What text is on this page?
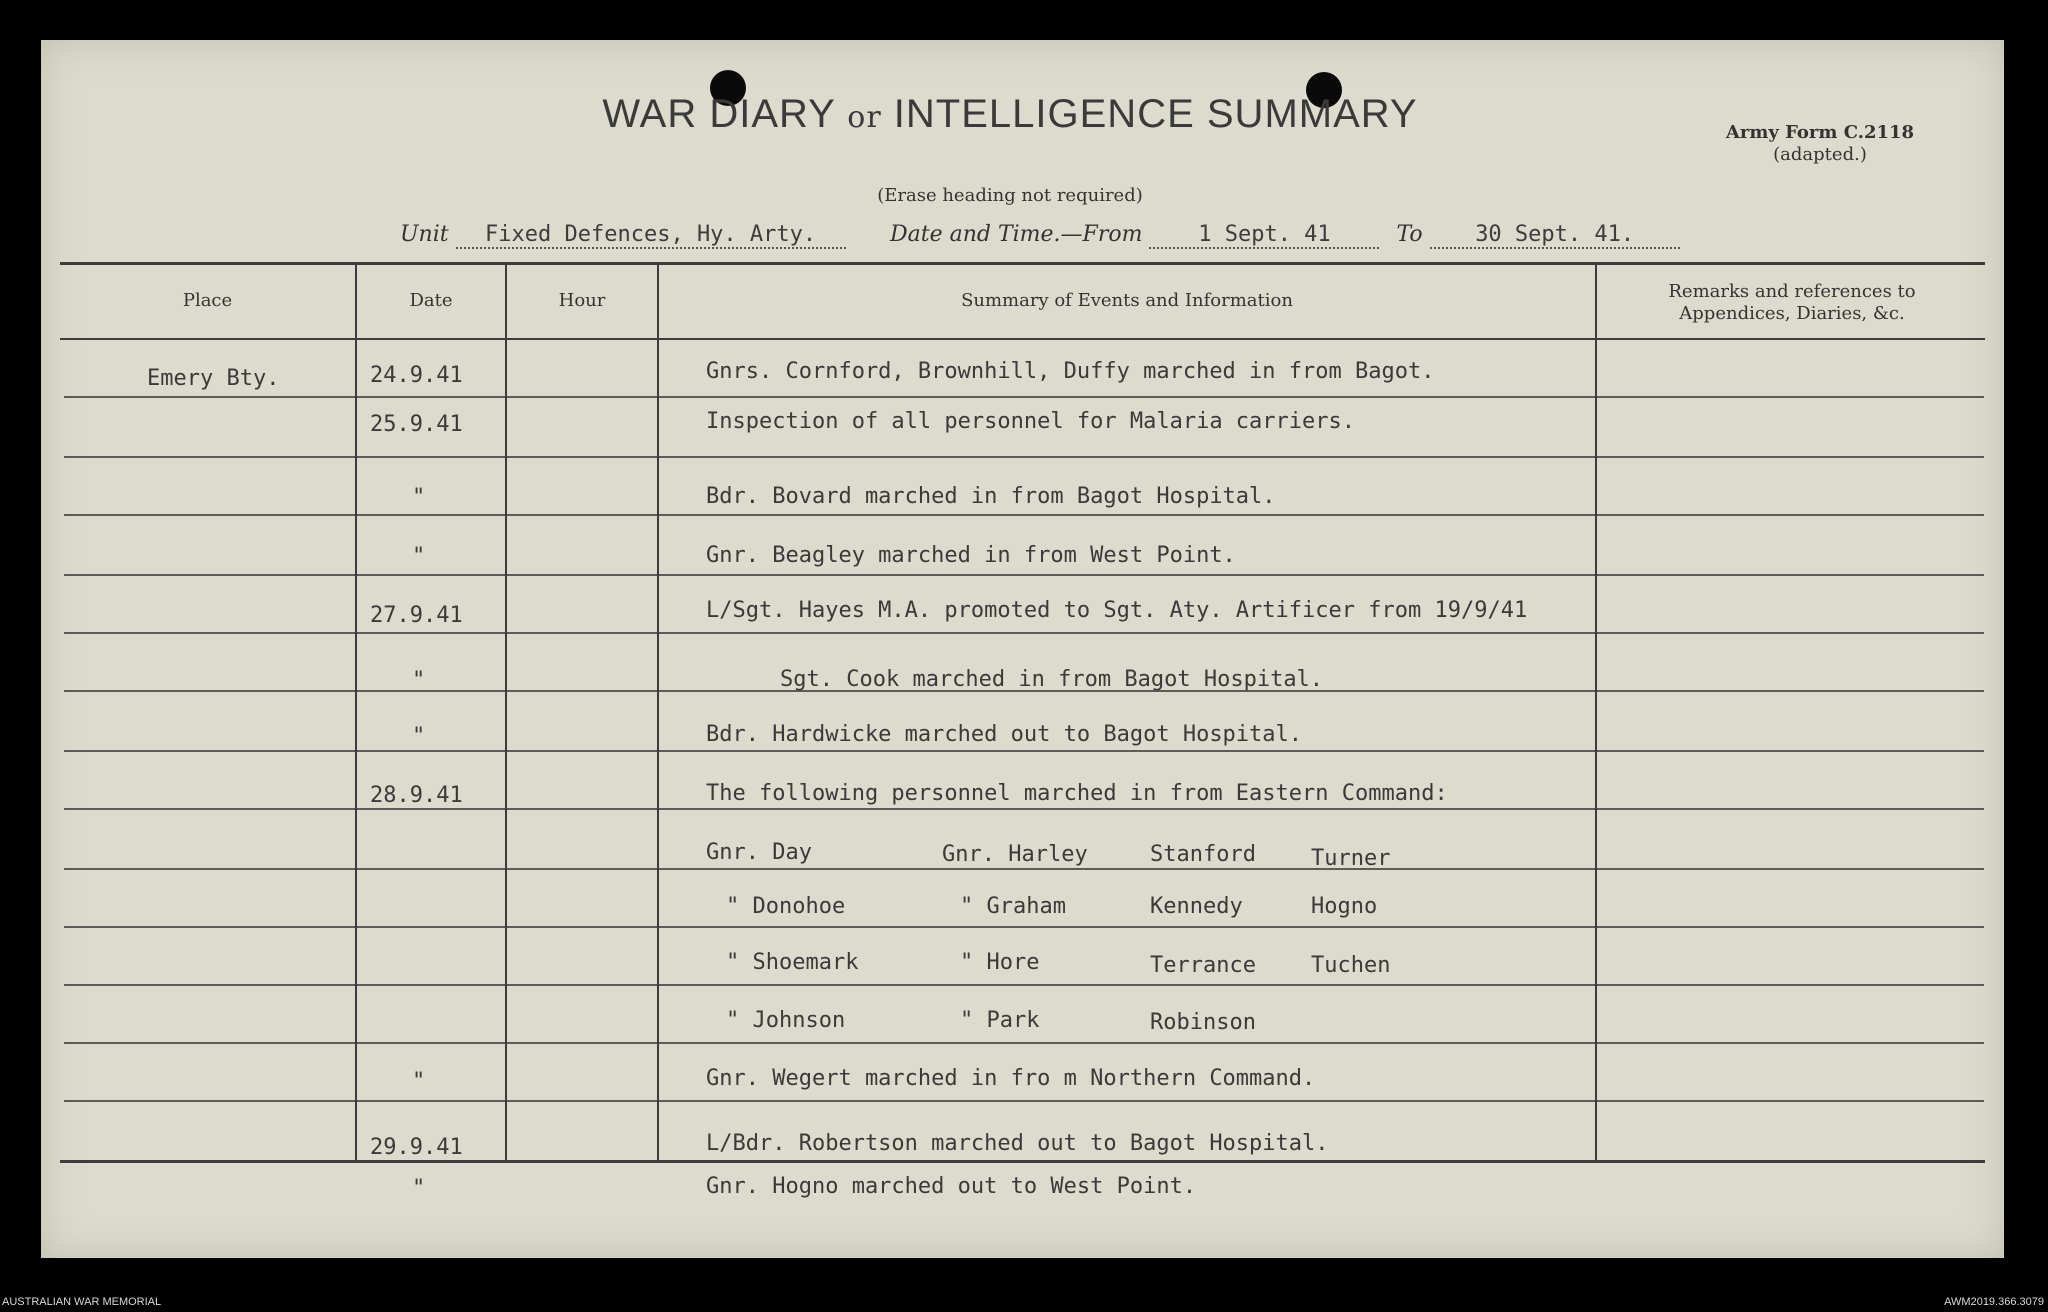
WAR DIARY or INTELLIGENCE SUMMARY
(Erase heading not required)
Army Form C.2118
(adapted.)
Unit Fixed Defences, Hy. Arty.	Date and Time.—From	1 Sept. 41	To 30 Sept. 41.
Place	Date	Hour	Summary of Events and Information	Remarks and references to
Appendices, Diaries, &c.
Emery Bty.	24.9.41	Gnrs. Cornford, Brownhill, Duffy marched in from Bagot.
25.9.41	Inspection of all personnel for Malaria carriers.
"	Bdr. Bovard marched in from Bagot Hospital.
"	Gnr. Beagley marched in from West Point.
27.9.41	L/Sgt. Hayes M.A. promoted to Sgt. Aty. Artificer from 19/9/41
"	Sgt. Cook marched in from Bagot Hospital.
"	Bdr. Hardwicke marched out to Bagot Hospital.
28.9.41	The following personnel marched in from Eastern Command:
Gnr. Day	Gnr. Harley	Stanford	Turner
" Donohoe	" Graham	Kennedy	Hogno
" Shoemark	" Hore	Terrance	Tuchen
" Johnson	" Park	Robinson
"	Gnr. Wegert marched in fro m Northern Command.
29.9.41	L/Bdr. Robertson marched out to Bagot Hospital.
"	Gnr. Hogno marched out to West Point.
AUSTRALIAN WAR MEMORIAL	AWM2019.366.3079
